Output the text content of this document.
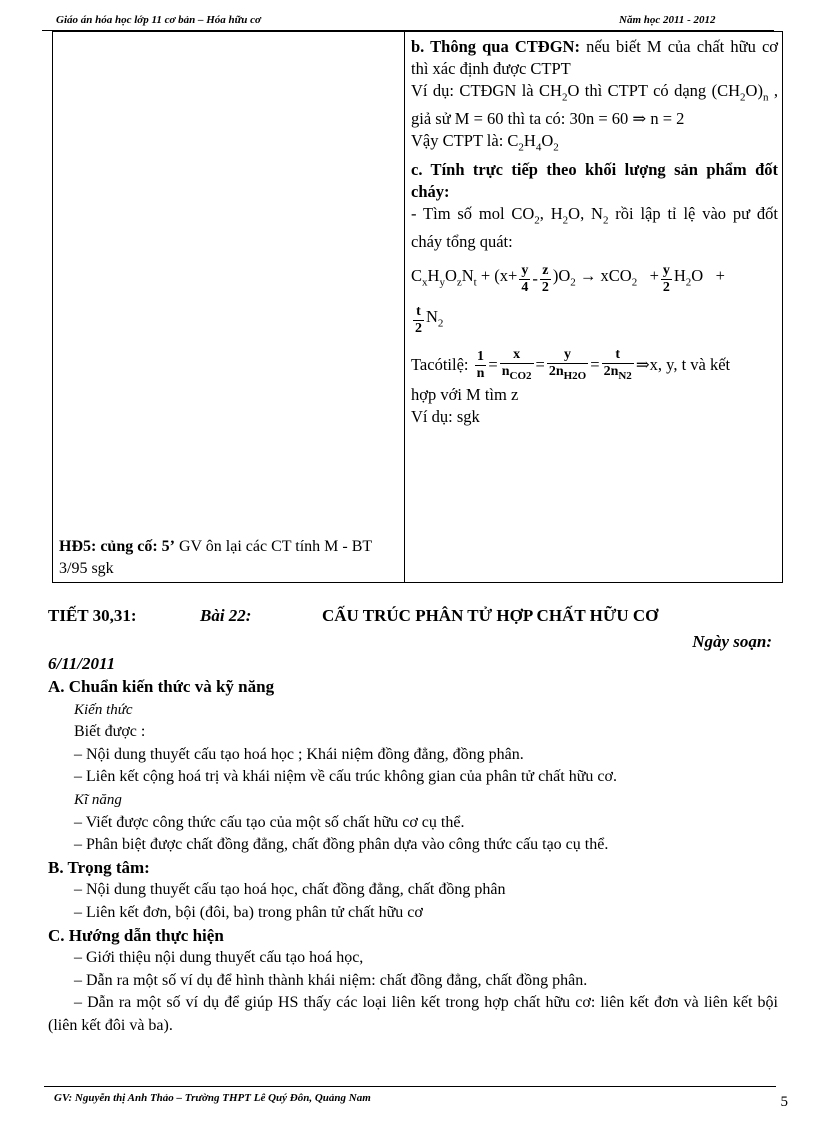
Giáo án hóa học lớp 11 cơ bản – Hóa hữu cơ	Năm học 2011 - 2012
HĐ5: củng cố: 5’ GV ôn lại các CT tính M - BT 3/95 sgk

b. Thông qua CTĐGN: nếu biết M của chất hữu cơ thì xác định được CTPT

Ví dụ: CTĐGN là $CH_2O$ thì CTPT có dạng $(CH_2O)_n$ , giả sử M = 60 thì ta có: 30n = 60 ⇒ n = 2

Vậy CTPT là: $C_2H_4O_2$

c. Tính trực tiếp theo khối lượng sản phẩm đốt cháy:

- Tìm số mol $CO_2$, $H_2O$, $N_2$ rồi lập tỉ lệ vào pư đốt cháy tổng quát:

$C_xH_yO_zN_t + (x+ \frac{y}{4} - \frac{z}{2} )O_2 \to xCO_2 + \frac{y}{2} H_2O$   +
$\frac{t}{2} N_2$
Tacótilệ:
$\frac{1}{n} = \frac{x}{n_{CO2}} = \frac{y}{2n_{H2O}} = \frac{t}{2n_{N2}}$ ⇒x, y, t và kết

hợp với M tìm z

Ví dụ: sgk

TIẾT 30,31:	Bài 22:	CẤU TRÚC PHÂN TỬ HỢP CHẤT HỮU CƠ
Ngày soạn:
6/11/2011

A. Chuẩn kiến thức và kỹ năng

Kiến thức

Biết được :

– Nội dung thuyết cấu tạo hoá học ; Khái niệm đồng đẳng, đồng phân.

– Liên kết cộng hoá trị và khái niệm về cấu trúc không gian của phân tử chất hữu cơ.

Kĩ năng

– Viết được công thức cấu tạo của một số chất hữu cơ cụ thể.

– Phân biệt được chất đồng đẳng, chất đồng phân dựa vào công thức cấu tạo cụ thể.

B. Trọng tâm:

– Nội dung thuyết cấu tạo hoá học, chất đồng đẳng, chất đồng phân

– Liên kết đơn, bội (đôi, ba) trong phân tử chất hữu cơ

C. Hướng dẫn thực hiện

– Giới thiệu nội dung thuyết cấu tạo hoá học,

– Dẫn ra một số ví dụ để hình thành khái niệm: chất đồng đẳng, chất đồng phân.

– Dẫn ra một số ví dụ để giúp HS thấy các loại liên kết trong hợp chất hữu cơ: liên kết đơn và liên kết bội (liên kết đôi và ba).

GV: Nguyễn thị Anh Thảo – Trường THPT Lê Quý Đôn, Quảng Nam	5
